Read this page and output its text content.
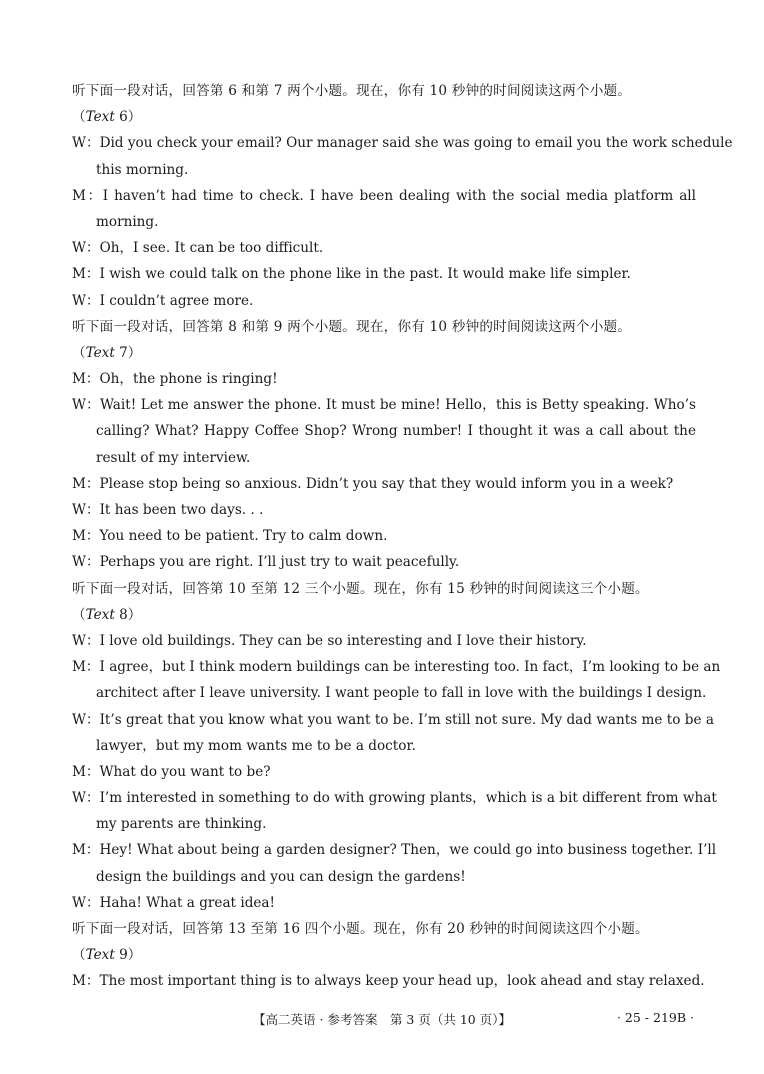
听下面一段对话，回答第 6 和第 7 两个小题。现在，你有 10 秒钟的时间阅读这两个小题。
（Text 6）
W：Did you check your email? Our manager said she was going to email you the work schedule
this morning.
M：I haven’t had time to check. I have been dealing with the social media platform all
morning.
W：Oh，I see. It can be too difficult.
M：I wish we could talk on the phone like in the past. It would make life simpler.
W：I couldn’t agree more.
听下面一段对话，回答第 8 和第 9 两个小题。现在，你有 10 秒钟的时间阅读这两个小题。
（Text 7）
M：Oh，the phone is ringing!
W：Wait! Let me answer the phone. It must be mine! Hello，this is Betty speaking. Who’s
calling? What? Happy Coffee Shop? Wrong number! I thought it was a call about the
result of my interview.
M：Please stop being so anxious. Didn’t you say that they would inform you in a week?
W：It has been two days. . .
M：You need to be patient. Try to calm down.
W：Perhaps you are right. I’ll just try to wait peacefully.
听下面一段对话，回答第 10 至第 12 三个小题。现在，你有 15 秒钟的时间阅读这三个小题。
（Text 8）
W：I love old buildings. They can be so interesting and I love their history.
M：I agree，but I think modern buildings can be interesting too. In fact，I’m looking to be an
architect after I leave university. I want people to fall in love with the buildings I design.
W：It’s great that you know what you want to be. I’m still not sure. My dad wants me to be a
lawyer，but my mom wants me to be a doctor.
M：What do you want to be?
W：I’m interested in something to do with growing plants，which is a bit different from what
my parents are thinking.
M：Hey! What about being a garden designer? Then，we could go into business together. I’ll
design the buildings and you can design the gardens!
W：Haha! What a great idea!
听下面一段对话，回答第 13 至第 16 四个小题。现在，你有 20 秒钟的时间阅读这四个小题。
（Text 9）
M：The most important thing is to always keep your head up，look ahead and stay relaxed.
【高二英语 · 参考答案　第 3 页（共 10 页）】	· 25 - 219B ·
